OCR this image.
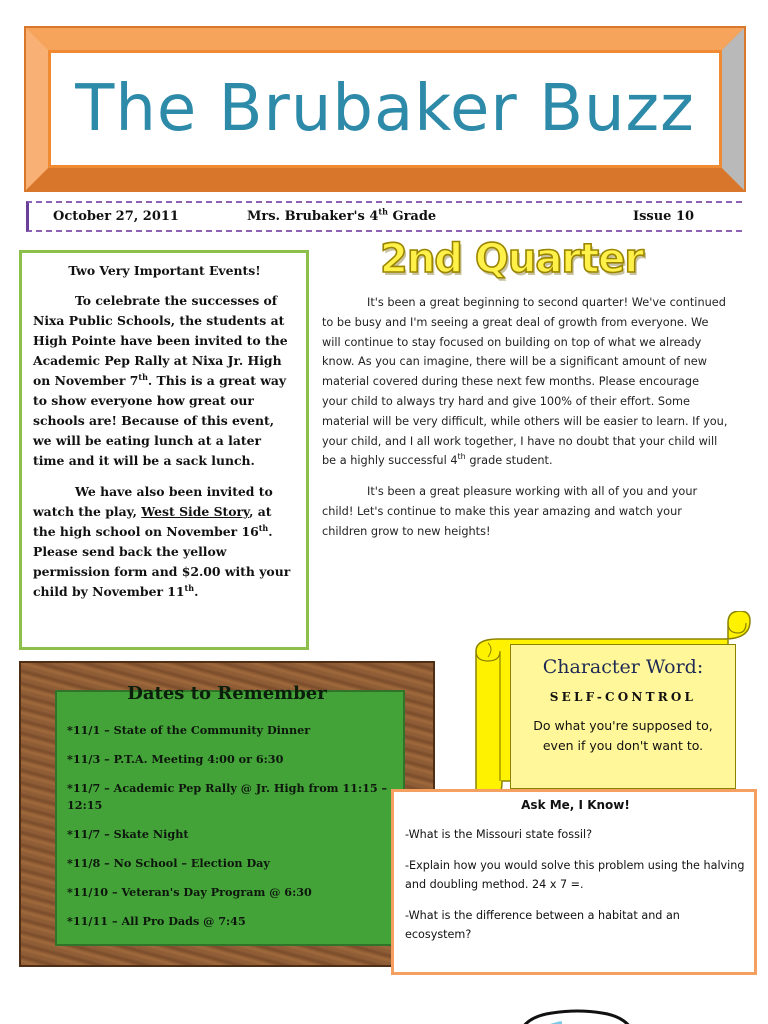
The Brubaker Buzz
October 27, 2011	Mrs. Brubaker's 4th Grade	Issue 10
Two Very Important Events!

To celebrate the successes of Nixa Public Schools, the students at High Pointe have been invited to the Academic Pep Rally at Nixa Jr. High on November 7th. This is a great way to show everyone how great our schools are! Because of this event, we will be eating lunch at a later time and it will be a sack lunch.

We have also been invited to watch the play, West Side Story, at the high school on November 16th. Please send back the yellow permission form and $2.00 with your child by November 11th.

2nd Quarter

It's been a great beginning to second quarter! We've continued to be busy and I'm seeing a great deal of growth from everyone. We will continue to stay focused on building on top of what we already know. As you can imagine, there will be a significant amount of new material covered during these next few months. Please encourage your child to always try hard and give 100% of their effort. Some material will be very difficult, while others will be easier to learn. If you, your child, and I all work together, I have no doubt that your child will be a highly successful 4th grade student.

It's been a great pleasure working with all of you and your child! Let's continue to make this year amazing and watch your children grow to new heights!

Dates to Remember
*11/1 – State of the Community Dinner
*11/3 – P.T.A. Meeting 4:00 or 6:30
*11/7 – Academic Pep Rally @ Jr. High from 11:15 – 12:15
*11/7 – Skate Night
*11/8 – No School – Election Day
*11/10 – Veteran's Day Program @ 6:30
*11/11 – All Pro Dads @ 7:45
Character Word:
SELF-CONTROL
Do what you're supposed to,
even if you don't want to.
Ask Me, I Know!

-What is the Missouri state fossil?

-Explain how you would solve this problem using the halving and doubling method. 24 x 7 =.

-What is the difference between a habitat and an ecosystem?
